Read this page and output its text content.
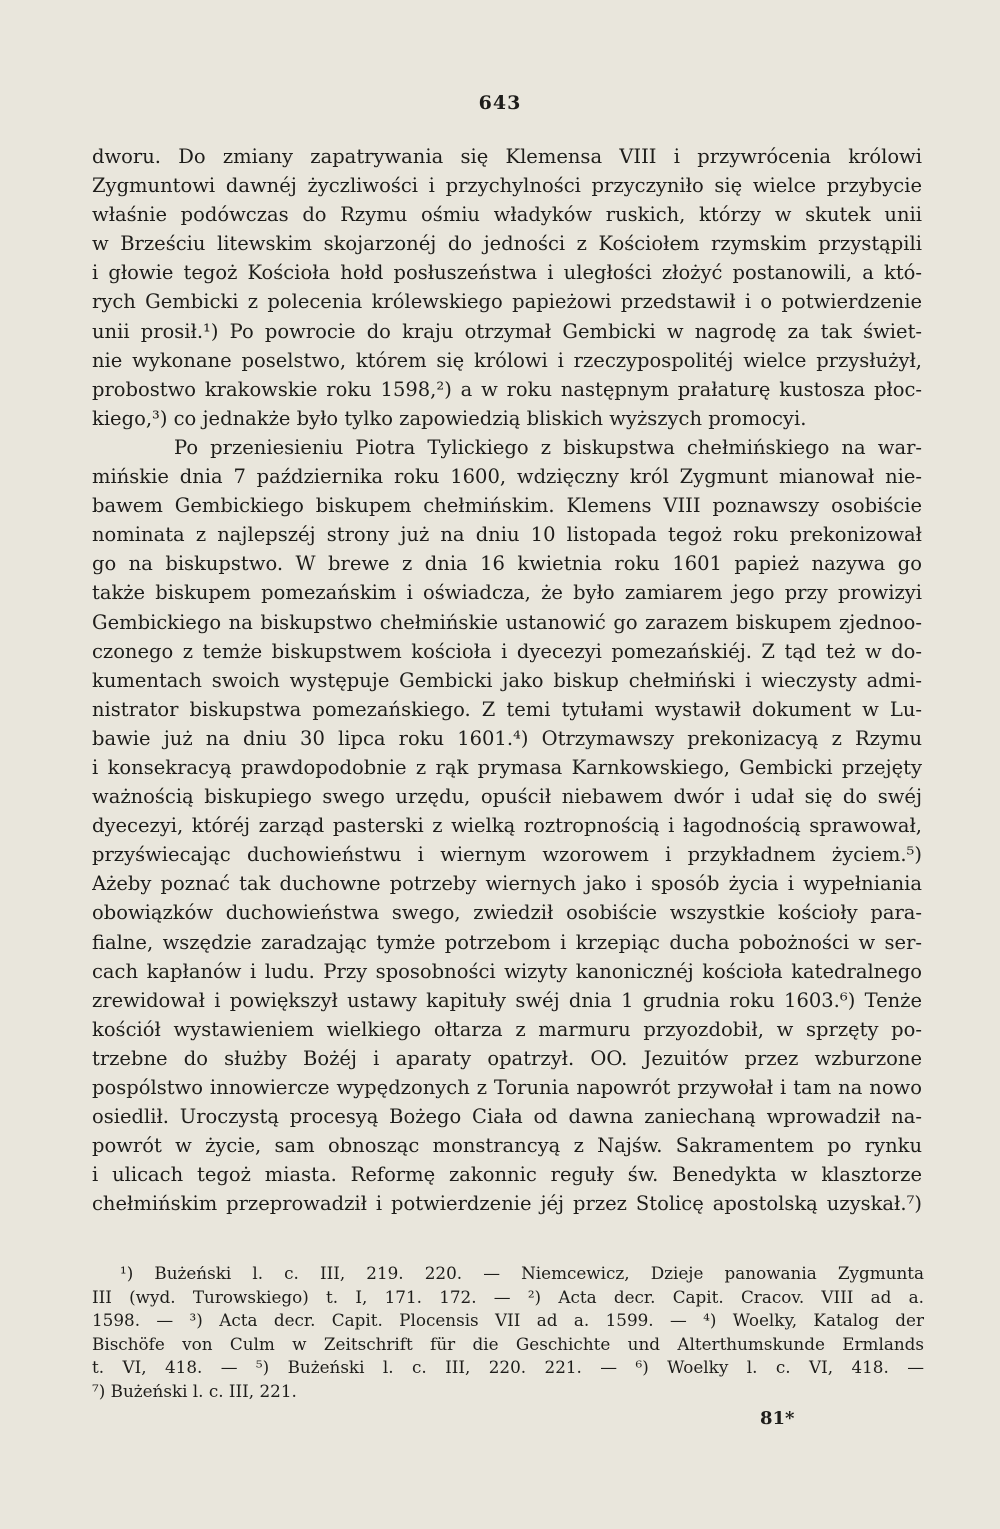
643
dworu. Do zmiany zapatrywania się Klemensa VIII i przywrócenia królowi
Zygmuntowi dawnéj życzliwości i przychylności przyczyniło się wielce przybycie
właśnie podówczas do Rzymu ośmiu władyków ruskich, którzy w skutek unii
w Brześciu litewskim skojarzonéj do jedności z Kościołem rzymskim przystąpili
i głowie tegoż Kościoła hołd posłuszeństwa i uległości złożyć postanowili, a któ-
rych Gembicki z polecenia królewskiego papieżowi przedstawił i o potwierdzenie
unii prosił.¹) Po powrocie do kraju otrzymał Gembicki w nagrodę za tak świet-
nie wykonane poselstwo, którem się królowi i rzeczypospolitéj wielce przysłużył,
probostwo krakowskie roku 1598,²) a w roku następnym prałaturę kustosza płoc-
kiego,³) co jednakże było tylko zapowiedzią bliskich wyższych promocyi.
Po przeniesieniu Piotra Tylickiego z biskupstwa chełmińskiego na war-
mińskie dnia 7 października roku 1600, wdzięczny król Zygmunt mianował nie-
bawem Gembickiego biskupem chełmińskim. Klemens VIII poznawszy osobiście
nominata z najlepszéj strony już na dniu 10 listopada tegoż roku prekonizował
go na biskupstwo. W brewe z dnia 16 kwietnia roku 1601 papież nazywa go
także biskupem pomezańskim i oświadcza, że było zamiarem jego przy prowizyi
Gembickiego na biskupstwo chełmińskie ustanowić go zarazem biskupem zjednoo-
czonego z temże biskupstwem kościoła i dyecezyi pomezańskiéj. Z tąd też w do-
kumentach swoich występuje Gembicki jako biskup chełmiński i wieczysty admi-
nistrator biskupstwa pomezańskiego. Z temi tytułami wystawił dokument w Lu-
bawie już na dniu 30 lipca roku 1601.⁴) Otrzymawszy prekonizacyą z Rzymu
i konsekracyą prawdopodobnie z rąk prymasa Karnkowskiego, Gembicki przejęty
ważnością biskupiego swego urzędu, opuścił niebawem dwór i udał się do swéj
dyecezyi, któréj zarząd pasterski z wielką roztropnością i łagodnością sprawował,
przyświecając duchowieństwu i wiernym wzorowem i przykładnem życiem.⁵)
Ażeby poznać tak duchowne potrzeby wiernych jako i sposób życia i wypełniania
obowiązków duchowieństwa swego, zwiedził osobiście wszystkie kościoły para-
fialne, wszędzie zaradzając tymże potrzebom i krzepiąc ducha pobożności w ser-
cach kapłanów i ludu. Przy sposobności wizyty kanonicznéj kościoła katedralnego
zrewidował i powiększył ustawy kapituły swéj dnia 1 grudnia roku 1603.⁶) Tenże
kościół wystawieniem wielkiego ołtarza z marmuru przyozdobił, w sprzęty po-
trzebne do służby Bożéj i aparaty opatrzył. OO. Jezuitów przez wzburzone
pospólstwo innowiercze wypędzonych z Torunia napowrót przywołał i tam na nowo
osiedlił. Uroczystą procesyą Bożego Ciała od dawna zaniechaną wprowadził na-
powrót w życie, sam obnosząc monstrancyą z Najśw. Sakramentem po rynku
i ulicach tegoż miasta. Reformę zakonnic reguły św. Benedykta w klasztorze
chełmińskim przeprowadził i potwierdzenie jéj przez Stolicę apostolską uzyskał.⁷)
¹) Bużeński l. c. III, 219. 220. — Niemcewicz, Dzieje panowania Zygmunta
III (wyd. Turowskiego) t. I, 171. 172. — ²) Acta decr. Capit. Cracov. VIII ad a.
1598. — ³) Acta decr. Capit. Plocensis VII ad a. 1599. — ⁴) Woelky, Katalog der
Bischöfe von Culm w Zeitschrift für die Geschichte und Alterthumskunde Ermlands
t. VI, 418. — ⁵) Bużeński l. c. III, 220. 221. — ⁶) Woelky l. c. VI, 418. —
⁷) Bużeński l. c. III, 221.
81*
